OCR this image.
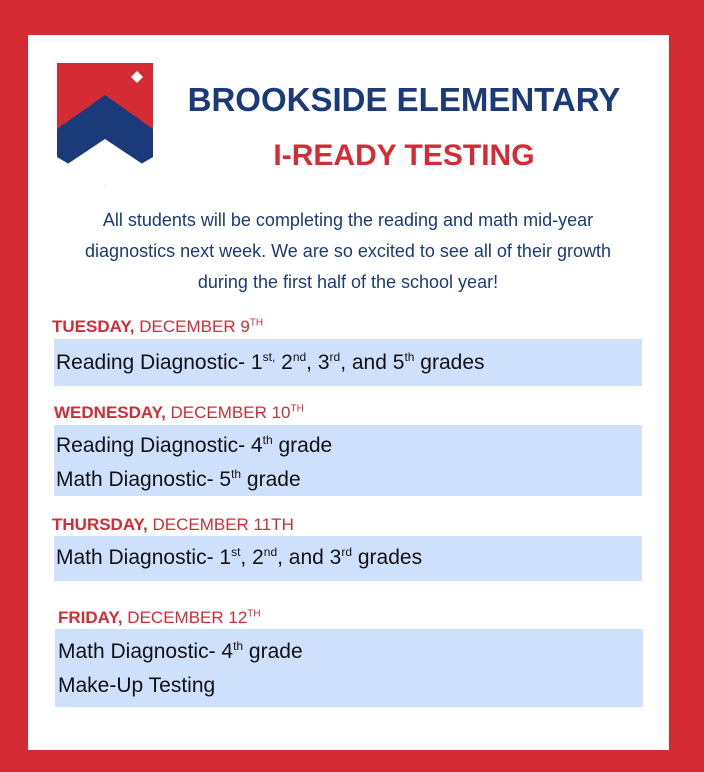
BROOKSIDE ELEMENTARY
I-READY TESTING
All students will be completing the reading and math mid-year diagnostics next week. We are so excited to see all of their growth during the first half of the school year!
TUESDAY, DECEMBER 9TH
Reading Diagnostic- $1^{st,}$ 2nd, 3rd, and 5th grades
WEDNESDAY, DECEMBER 10TH
Reading Diagnostic- 4th grade
Math Diagnostic- 5th grade
THURSDAY, DECEMBER 11TH
Math Diagnostic- 1st, 2nd, and 3rd grades
FRIDAY, DECEMBER 12TH
Math Diagnostic- 4th grade
Make-Up Testing
